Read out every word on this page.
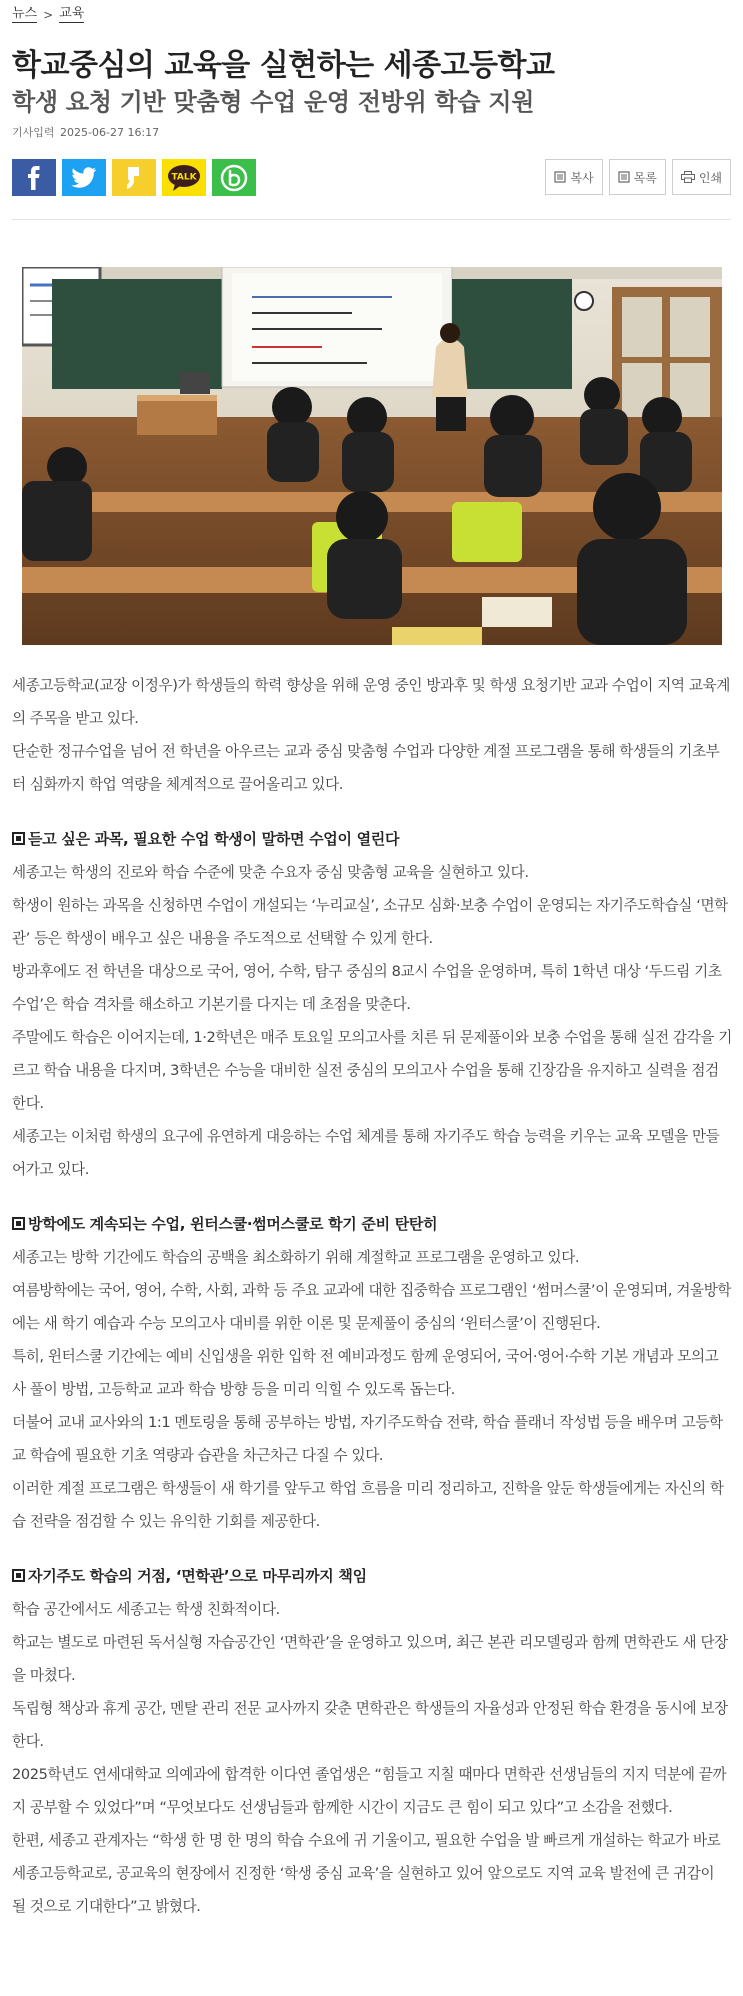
뉴스 > 교육
학교중심의 교육을 실현하는 세종고등학교
학생 요청 기반 맞춤형 수업 운영 전방위 학습 지원
기사입력 2025-06-27 16:17
TALK	복사	목록	인쇄

세종고등학교(교장 이정우)가 학생들의 학력 향상을 위해 운영 중인 방과후 및 학생 요청기반 교과 수업이 지역 교육계의 주목을 받고 있다.

단순한 정규수업을 넘어 전 학년을 아우르는 교과 중심 맞춤형 수업과 다양한 계절 프로그램을 통해 학생들의 기초부터 심화까지 학업 역량을 체계적으로 끌어올리고 있다.

듣고 싶은 과목, 필요한 수업 학생이 말하면 수업이 열린다

세종고는 학생의 진로와 학습 수준에 맞춘 수요자 중심 맞춤형 교육을 실현하고 있다.

학생이 원하는 과목을 신청하면 수업이 개설되는 ‘누리교실’, 소규모 심화·보충 수업이 운영되는 자기주도학습실 ‘면학관’ 등은 학생이 배우고 싶은 내용을 주도적으로 선택할 수 있게 한다.

방과후에도 전 학년을 대상으로 국어, 영어, 수학, 탐구 중심의 8교시 수업을 운영하며, 특히 1학년 대상 ‘두드림 기초수업’은 학습 격차를 해소하고 기본기를 다지는 데 초점을 맞춘다.

주말에도 학습은 이어지는데, 1·2학년은 매주 토요일 모의고사를 치른 뒤 문제풀이와 보충 수업을 통해 실전 감각을 기르고 학습 내용을 다지며, 3학년은 수능을 대비한 실전 중심의 모의고사 수업을 통해 긴장감을 유지하고 실력을 점검한다.

세종고는 이처럼 학생의 요구에 유연하게 대응하는 수업 체계를 통해 자기주도 학습 능력을 키우는 교육 모델을 만들어가고 있다.

방학에도 계속되는 수업, 윈터스쿨·썸머스쿨로 학기 준비 탄탄히

세종고는 방학 기간에도 학습의 공백을 최소화하기 위해 계절학교 프로그램을 운영하고 있다.

여름방학에는 국어, 영어, 수학, 사회, 과학 등 주요 교과에 대한 집중학습 프로그램인 ‘썸머스쿨’이 운영되며, 겨울방학에는 새 학기 예습과 수능 모의고사 대비를 위한 이론 및 문제풀이 중심의 ‘윈터스쿨’이 진행된다.

특히, 윈터스쿨 기간에는 예비 신입생을 위한 입학 전 예비과정도 함께 운영되어, 국어·영어·수학 기본 개념과 모의고사 풀이 방법, 고등학교 교과 학습 방향 등을 미리 익힐 수 있도록 돕는다.

더불어 교내 교사와의 1:1 멘토링을 통해 공부하는 방법, 자기주도학습 전략, 학습 플래너 작성법 등을 배우며 고등학교 학습에 필요한 기초 역량과 습관을 차근차근 다질 수 있다.

이러한 계절 프로그램은 학생들이 새 학기를 앞두고 학업 흐름을 미리 정리하고, 진학을 앞둔 학생들에게는 자신의 학습 전략을 점검할 수 있는 유익한 기회를 제공한다.

자기주도 학습의 거점, ‘면학관’으로 마무리까지 책임

학습 공간에서도 세종고는 학생 친화적이다.

학교는 별도로 마련된 독서실형 자습공간인 ‘면학관’을 운영하고 있으며, 최근 본관 리모델링과 함께 면학관도 새 단장을 마쳤다.

독립형 책상과 휴게 공간, 멘탈 관리 전문 교사까지 갖춘 면학관은 학생들의 자율성과 안정된 학습 환경을 동시에 보장한다.

2025학년도 연세대학교 의예과에 합격한 이다연 졸업생은 “힘들고 지칠 때마다 면학관 선생님들의 지지 덕분에 끝까지 공부할 수 있었다”며 “무엇보다도 선생님들과 함께한 시간이 지금도 큰 힘이 되고 있다”고 소감을 전했다.

한편, 세종고 관계자는 “학생 한 명 한 명의 학습 수요에 귀 기울이고, 필요한 수업을 발 빠르게 개설하는 학교가 바로 세종고등학교로, 공교육의 현장에서 진정한 ‘학생 중심 교육’을 실현하고 있어 앞으로도 지역 교육 발전에 큰 귀감이 될 것으로 기대한다”고 밝혔다.
